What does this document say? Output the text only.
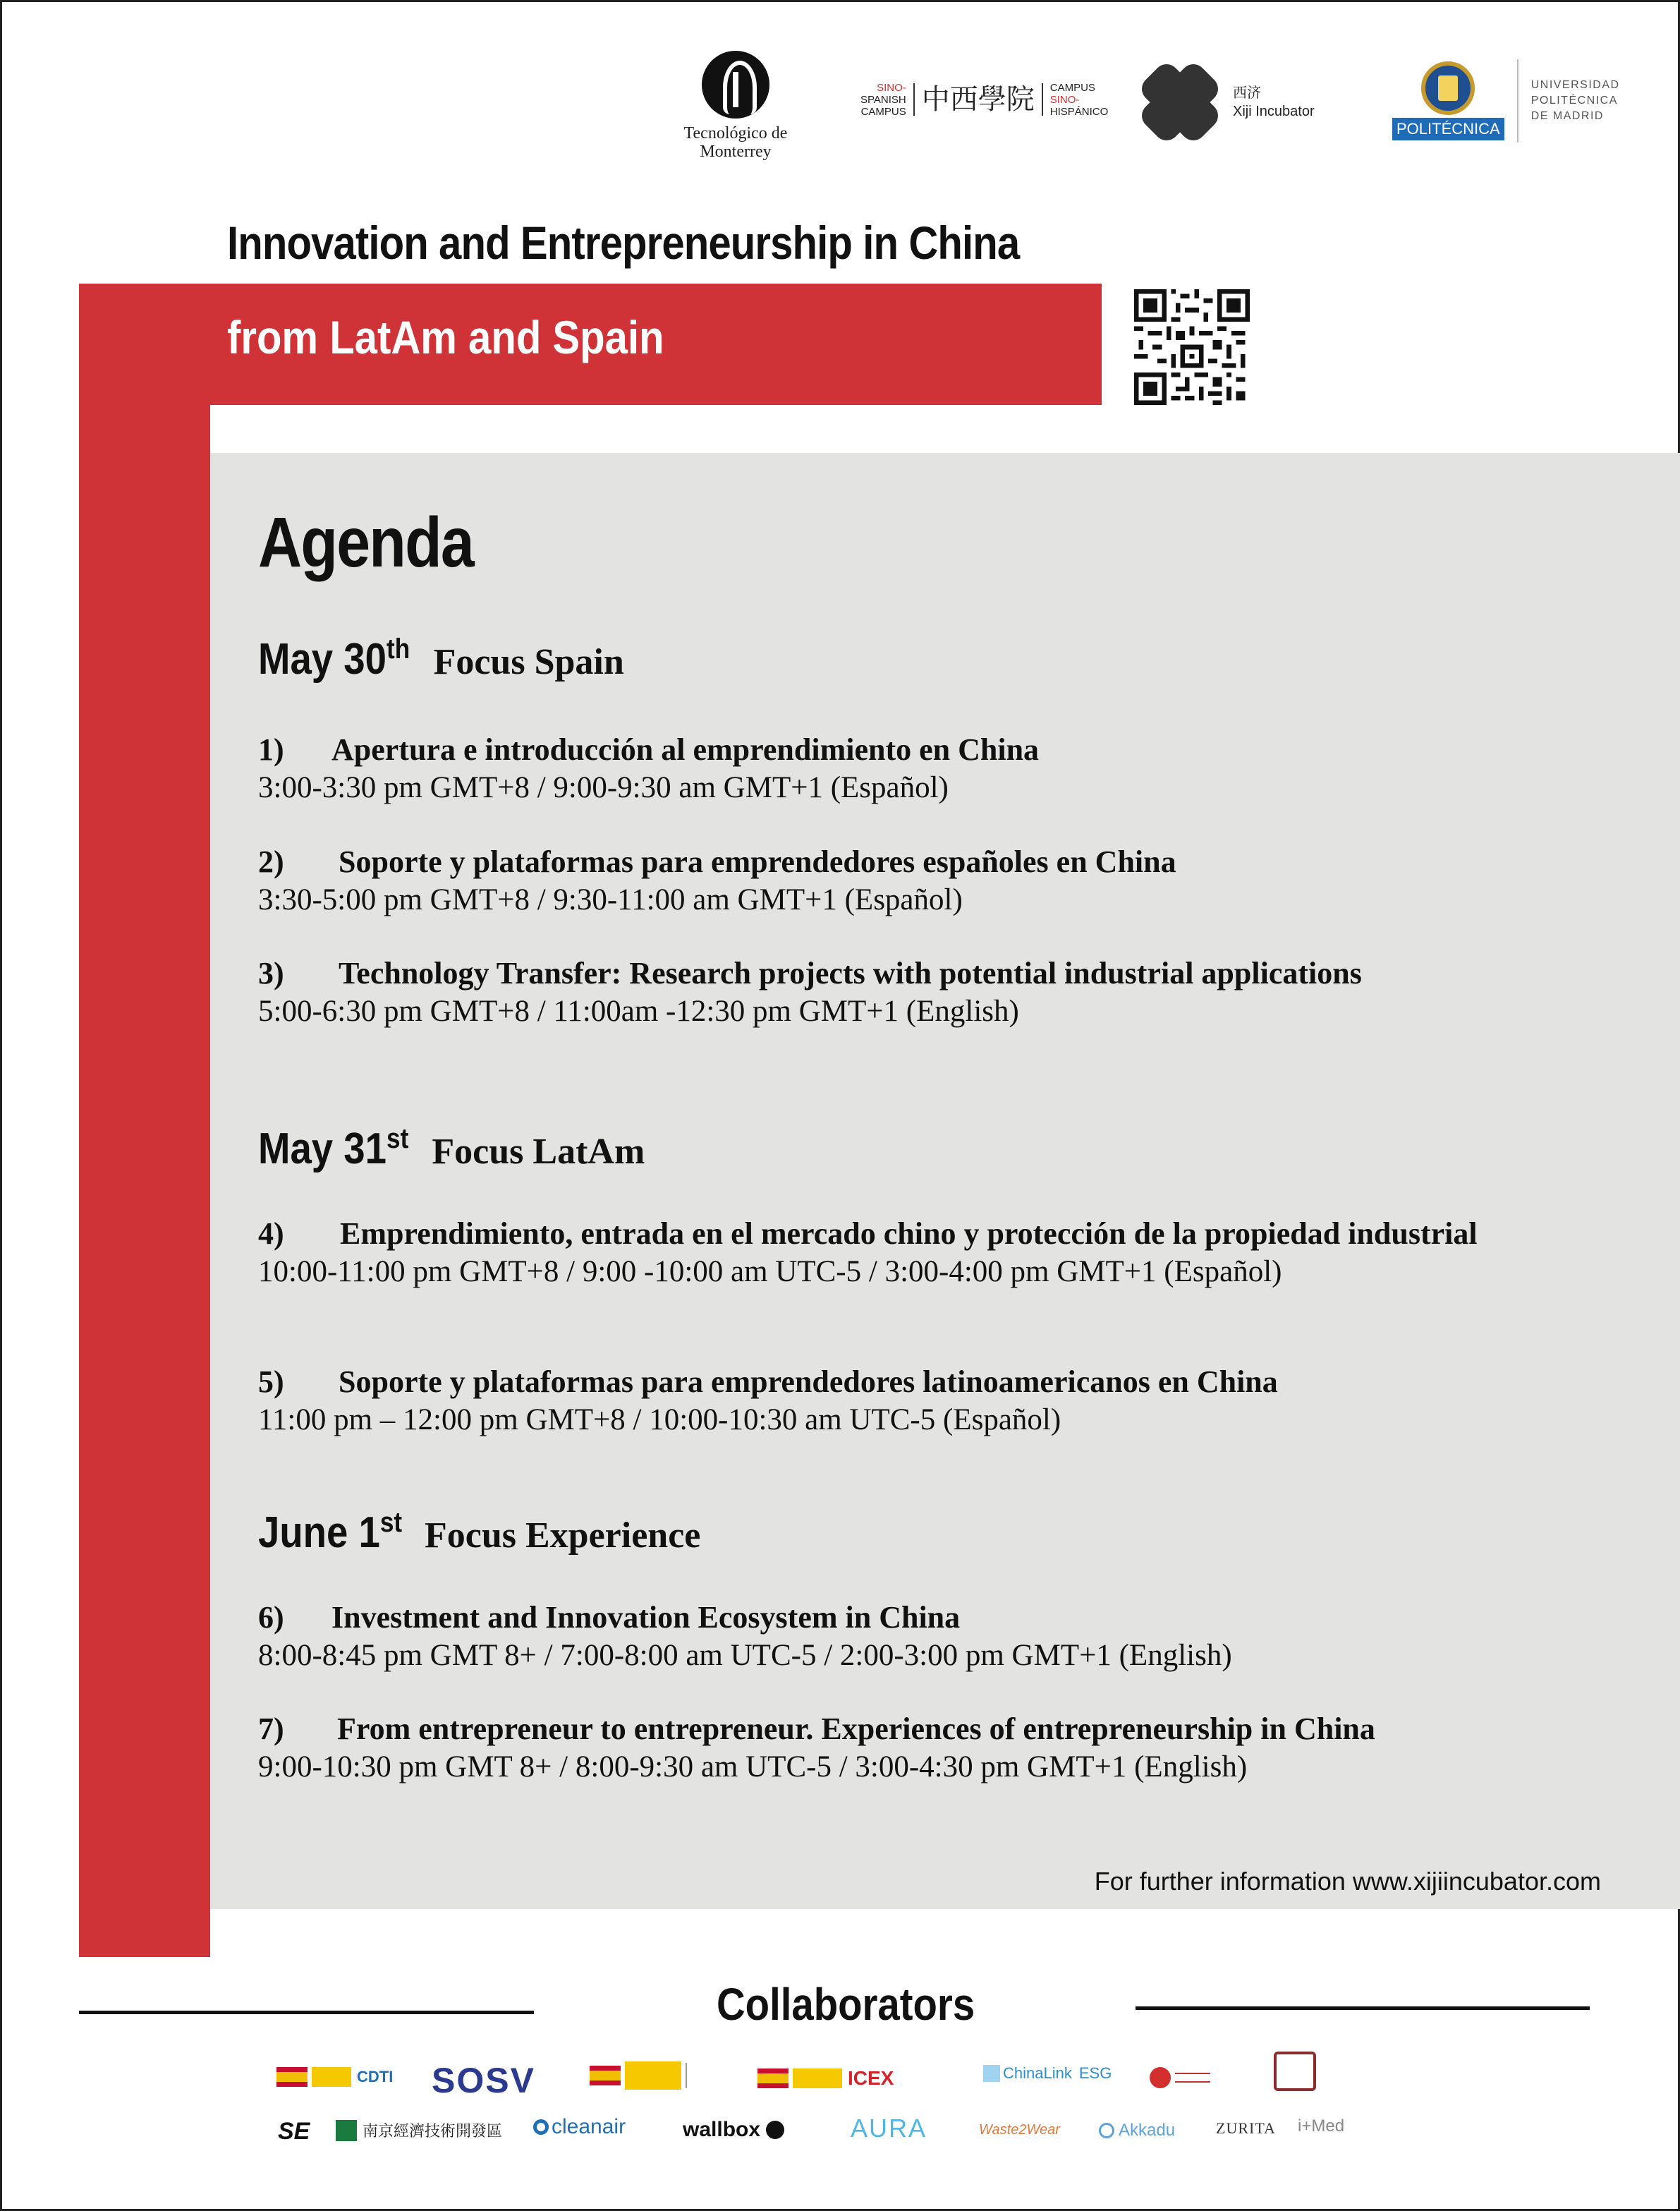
Tecnológico de Monterrey
SINO-
SPANISH
CAMPUS 中西學院	CAMPUS
SINO-
HISPÁNICO
西济
Xiji Incubator
POLITÉCNICA
UNIVERSIDAD
POLITÉCNICA
DE MADRID
Innovation and Entrepreneurship in China
from LatAm and Spain
Agenda
May 30th Focus Spain
1) Apertura e introducción al emprendimiento en China
3:00-3:30 pm GMT+8 / 9:00-9:30 am GMT+1 (Español)
2) Soporte y plataformas para emprendedores españoles en China
3:30-5:00 pm GMT+8 / 9:30-11:00 am GMT+1 (Español)
3) Technology Transfer: Research projects with potential industrial applications
5:00-6:30 pm GMT+8 / 11:00am -12:30 pm GMT+1 (English)
May 31st Focus LatAm
4) Emprendimiento, entrada en el mercado chino y protección de la propiedad industrial
10:00-11:00 pm GMT+8 / 9:00 -10:00 am UTC-5 / 3:00-4:00 pm GMT+1 (Español)
5) Soporte y plataformas para emprendedores latinoamericanos en China
11:00 pm – 12:00 pm GMT+8 / 10:00-10:30 am UTC-5 (Español)
June 1st Focus Experience
6) Investment and Innovation Ecosystem in China
8:00-8:45 pm GMT 8+ / 7:00-8:00 am UTC-5 / 2:00-3:00 pm GMT+1 (English)
7) From entrepreneur to entrepreneur. Experiences of entrepreneurship in China
9:00-10:30 pm GMT 8+ / 8:00-9:30 am UTC-5 / 3:00-4:30 pm GMT+1 (English)
For further information www.xijiincubator.com
Collaborators
CDTI SOSV	ICEX	ChinaLink ESG
SE	南京經濟技術開發區 cleanair	wallbox	AURA	Waste2Wear	Akkadu	ZURITA i+Med
